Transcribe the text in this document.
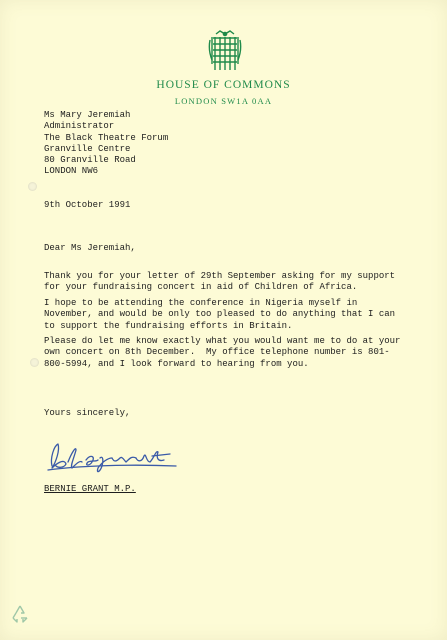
HOUSE OF COMMONS
LONDON SW1A 0AA
Ms Mary Jeremiah
Administrator
The Black Theatre Forum
Granville Centre
80 Granville Road
LONDON NW6
9th October 1991
Dear Ms Jeremiah,
Thank you for your letter of 29th September asking for my support
for your fundraising concert in aid of Children of Africa.
I hope to be attending the conference in Nigeria myself in
November, and would be only too pleased to do anything that I can
to support the fundraising efforts in Britain.
Please do let me know exactly what you would want me to do at your
own concert on 8th December.  My office telephone number is 801-
800-5994, and I look forward to hearing from you.
Yours sincerely,
BERNIE GRANT M.P.
